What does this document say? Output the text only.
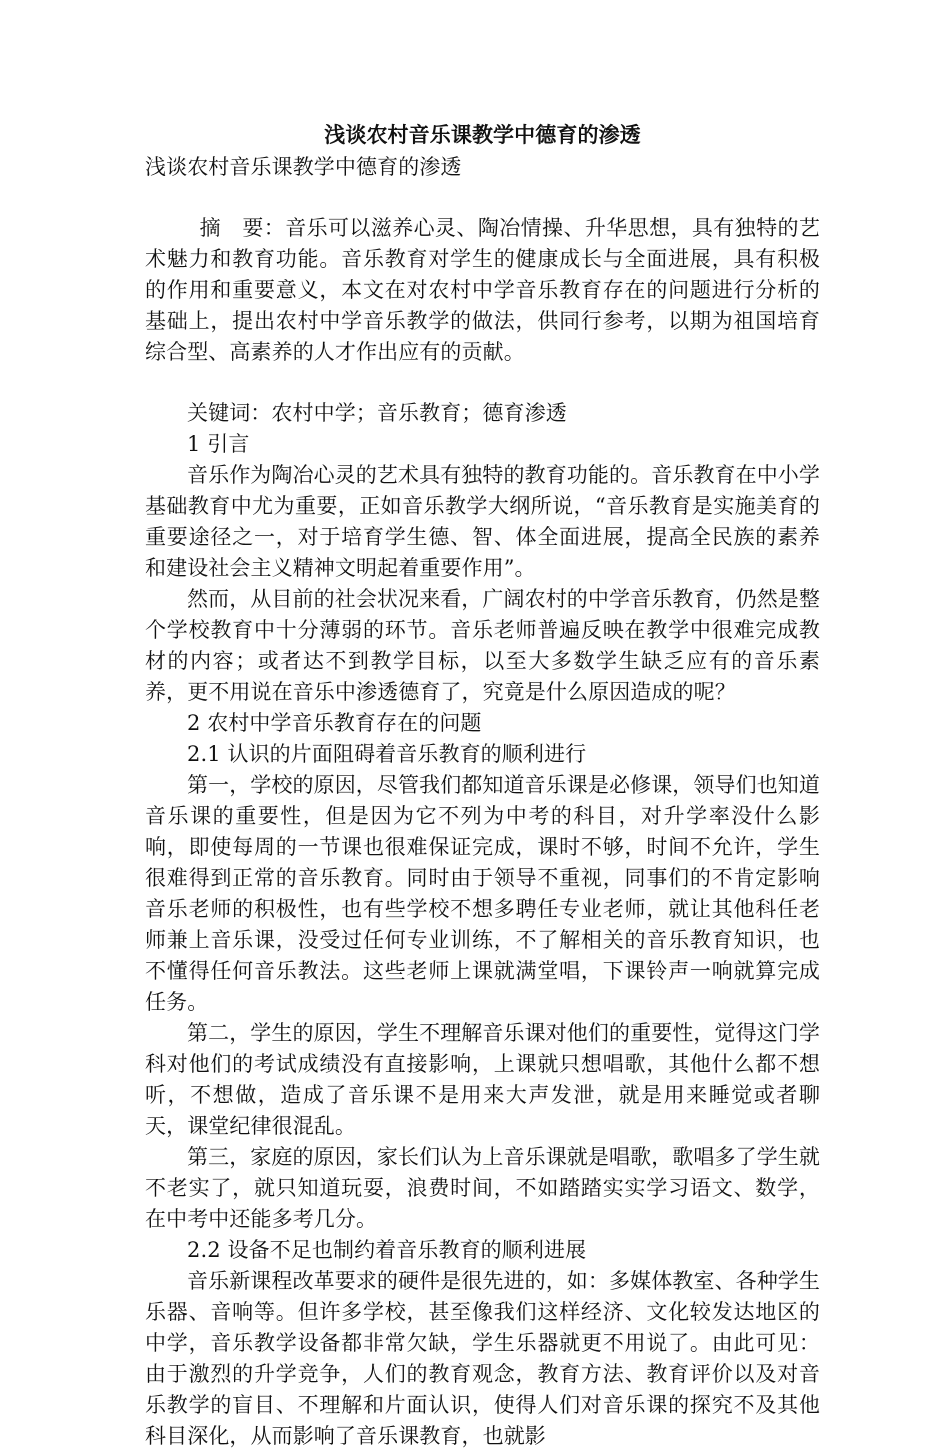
浅谈农村音乐课教学中德育的渗透

浅谈农村音乐课教学中德育的渗透

摘　要：音乐可以滋养心灵、陶冶情操、升华思想，具有独特的艺术魅力和教育功能。音乐教育对学生的健康成长与全面进展，具有积极的作用和重要意义，本文在对农村中学音乐教育存在的问题进行分析的基础上，提出农村中学音乐教学的做法，供同行参考，以期为祖国培育综合型、高素养的人才作出应有的贡献。

关键词：农村中学；音乐教育；德育渗透

1 引言

音乐作为陶冶心灵的艺术具有独特的教育功能的。音乐教育在中小学基础教育中尤为重要，正如音乐教学大纲所说，“音乐教育是实施美育的重要途径之一，对于培育学生德、智、体全面进展，提高全民族的素养和建设社会主义精神文明起着重要作用”。

然而，从目前的社会状况来看，广阔农村的中学音乐教育，仍然是整个学校教育中十分薄弱的环节。音乐老师普遍反映在教学中很难完成教材的内容；或者达不到教学目标，以至大多数学生缺乏应有的音乐素养，更不用说在音乐中渗透德育了，究竟是什么原因造成的呢？

2 农村中学音乐教育存在的问题

2.1 认识的片面阻碍着音乐教育的顺利进行

第一，学校的原因，尽管我们都知道音乐课是必修课，领导们也知道音乐课的重要性，但是因为它不列为中考的科目，对升学率没什么影响，即使每周的一节课也很难保证完成，课时不够，时间不允许，学生很难得到正常的音乐教育。同时由于领导不重视，同事们的不肯定影响音乐老师的积极性，也有些学校不想多聘任专业老师，就让其他科任老师兼上音乐课，没受过任何专业训练，不了解相关的音乐教育知识，也不懂得任何音乐教法。这些老师上课就满堂唱，下课铃声一响就算完成任务。

第二，学生的原因，学生不理解音乐课对他们的重要性，觉得这门学科对他们的考试成绩没有直接影响，上课就只想唱歌，其他什么都不想听，不想做，造成了音乐课不是用来大声发泄，就是用来睡觉或者聊天，课堂纪律很混乱。

第三，家庭的原因，家长们认为上音乐课就是唱歌，歌唱多了学生就不老实了，就只知道玩耍，浪费时间，不如踏踏实实学习语文、数学，在中考中还能多考几分。

2.2 设备不足也制约着音乐教育的顺利进展

音乐新课程改革要求的硬件是很先进的，如：多媒体教室、各种学生乐器、音响等。但许多学校，甚至像我们这样经济、文化较发达地区的中学，音乐教学设备都非常欠缺，学生乐器就更不用说了。由此可见：由于激烈的升学竞争，人们的教育观念，教育方法、教育评价以及对音乐教学的盲目、不理解和片面认识，使得人们对音乐课的探究不及其他科目深化，从而影响了音乐课教育，也就影
